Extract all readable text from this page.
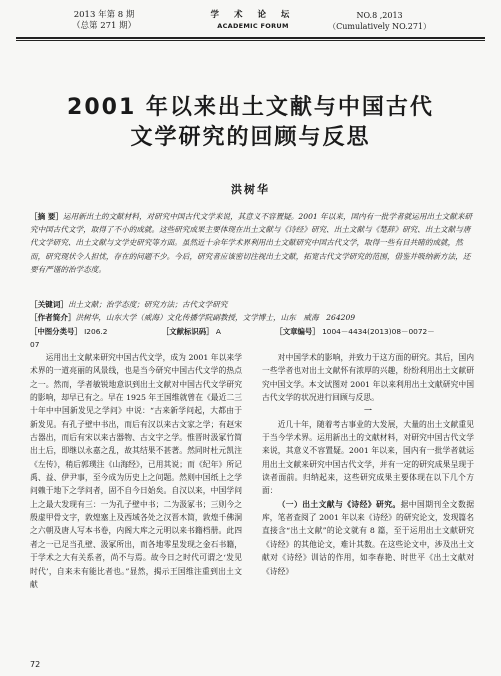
2013 年第 8 期
（总第 271 期）
学 术 论 坛
ACADEMIC FORUM
NO.8 ,2013
（Cumulatively NO.271）
2001 年以来出土文献与中国古代
文学研究的回顾与反思
洪树华
［摘 要］运用新出土的文献材料，对研究中国古代文学来说，其意义不容置疑。2001 年以来，国内有一批学者就运用出土文献来研究中国古代文学，取得了不小的成就。这些研究成果主要体现在出土文献与《诗经》研究、出土文献与《楚辞》研究、出土文献与唐代文学研究、出土文献与文学史研究等方面。虽然近十余年学术界利用出土文献研究中国古代文学，取得一些有目共睹的成就，然而，研究现状令人担忧，存在的问题不少。今后，研究者应该密切注视出土文献，拓宽古代文学研究的范围，借鉴并吸纳新方法，还要有严谨的治学态度。
［关键词］出土文献；治学态度；研究方法；古代文学研究
［作者简介］洪树华，山东大学（威海）文化传播学院副教授，文学博士，山东　威海　264209
［中图分类号］ I206.2	［文献标识码］ A	［文章编号］ 1004－4434(2013)08－0072－07

运用出土文献来研究中国古代文学，成为 2001 年以来学术界的一道亮丽的风景线，也是当今研究中国古代文学的热点之一。然而，学者敏锐地意识到出土文献对中国古代文学研究的影响，却早已有之。早在 1925 年王国维就曾在《最近二三十年中中国新发见之学问》中说：“古来新学问起，大都由于新发见。有孔子壁中书出，而后有汉以来古文家之学；有赵宋古器出，而后有宋以来古器物、古文字之学。惟晋时汲冢竹简出土后，即继以永嘉之乱，故其结果不甚著。然同时杜元凯注《左传》，稍后郭璞注《山海经》，已用其说；而《纪年》所记禹、益、伊尹事，至今成为历史上之问题。然则中国纸上之学问赖于地下之学问者，固不自今日始矣。自汉以来，中国学问上之最大发现有三：一为孔子壁中书；二为汲冢书；三则今之殷虚甲骨文字，敦煌塞上及西域各处之汉晋木简，敦煌千佛洞之六朝及唐人写本书卷，内阁大库之元明以来书籍档册。此四者之一已足当孔壁、汲冢所出，而各地零星发现之金石书籍，于学术之大有关系者，尚不与焉。故今日之时代可谓之‘发见时代’，自来未有能比者也。”显然，揭示王国维注重到出土文献

对中国学术的影响，并致力于这方面的研究。其后，国内一些学者也对出土文献怀有浓厚的兴趣，纷纷利用出土文献研究中国文学。本文试图对 2001 年以来利用出土文献研究中国古代文学的状况进行回顾与反思。

一

近几十年，随着考古事业的大发展，大量的出土文献重见于当今学术界。运用新出土的文献材料，对研究中国古代文学来说，其意义不容置疑。2001 年以来，国内有一批学者就运用出土文献来研究中国古代文学，并有一定的研究成果呈现于读者面前。归纳起来，这些研究成果主要体现在以下几个方面：

（一）出土文献与《诗经》研究。据中国期刊全文数据库，笔者查阅了 2001 年以来《诗经》的研究论文，发现篇名直接含“出土文献”的论文就有 8 篇，至于运用出土文献研究《诗经》的其他论文，难计其数。在这些论文中，涉及出土文献对《诗经》训诂的作用，如李春艳、时世平《出土文献对《诗经》

72
